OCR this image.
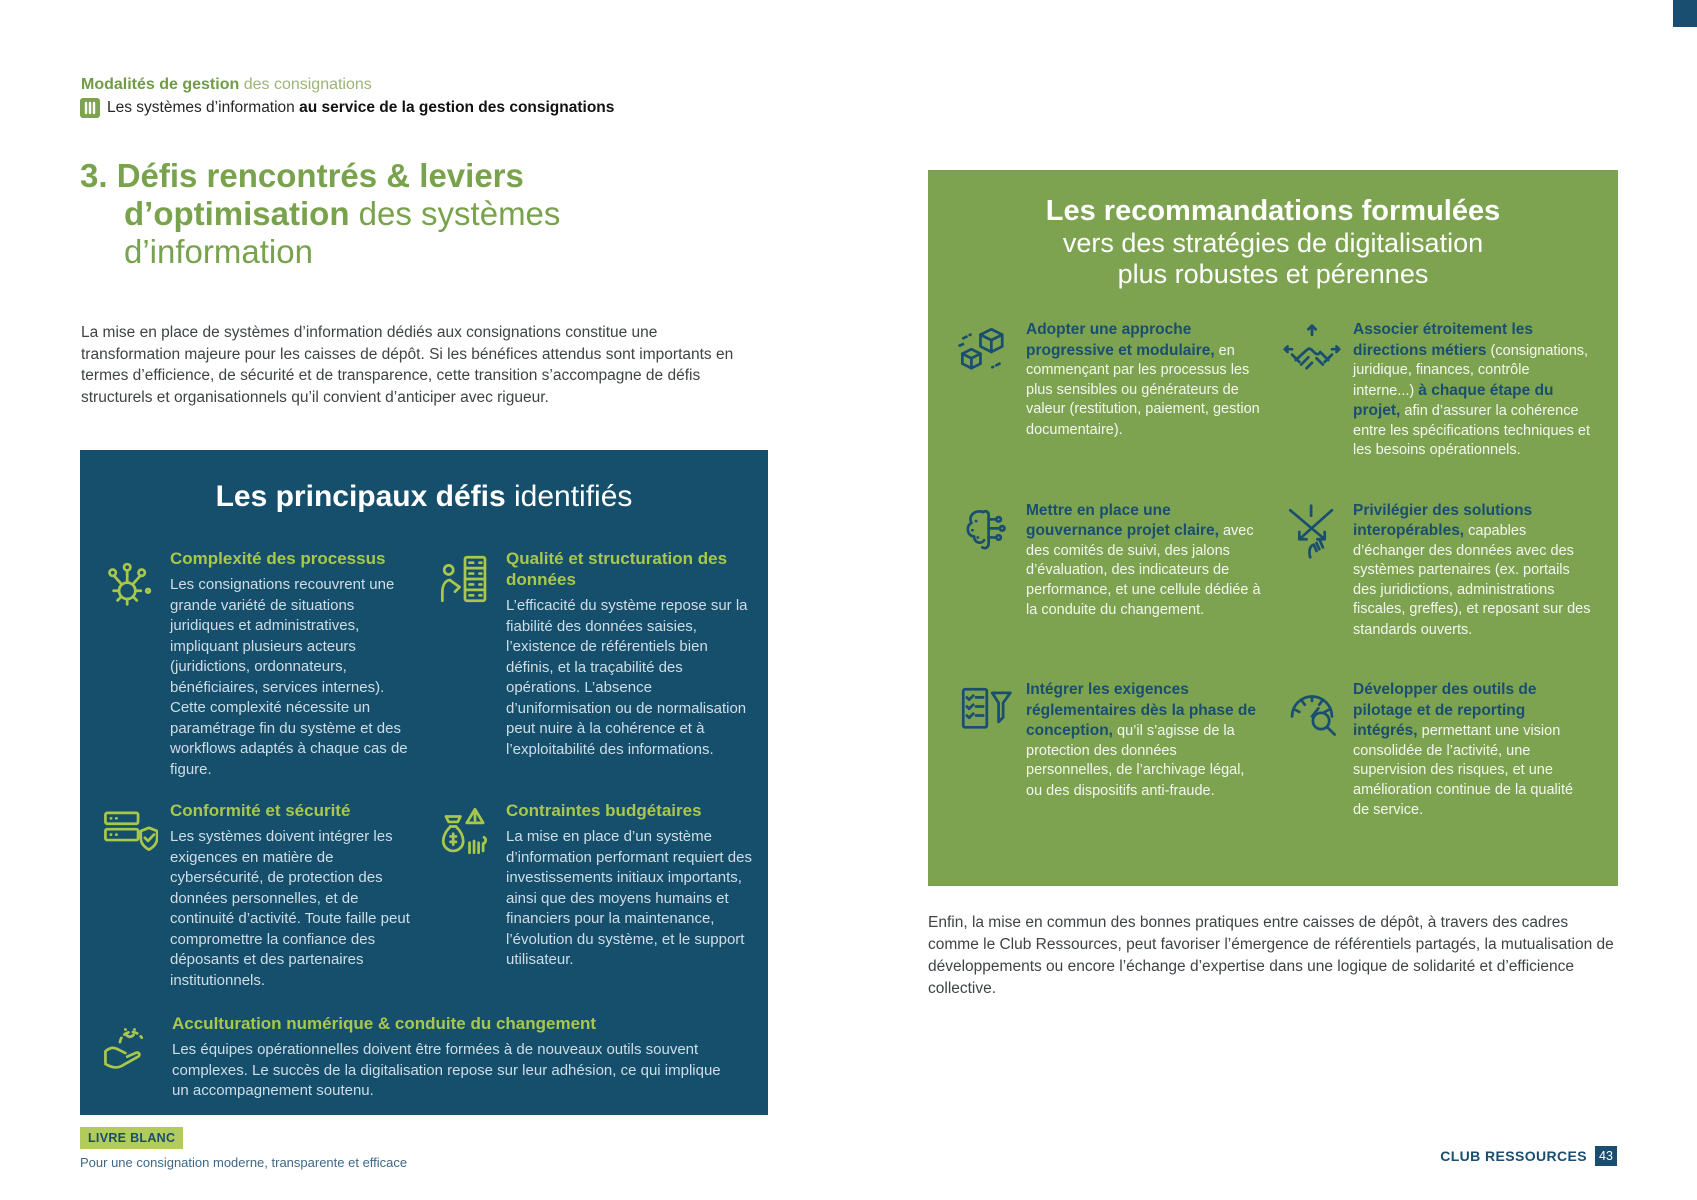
Modalités de gestion des consignations
Les systèmes d’information au service de la gestion des consignations
3. Défis rencontrés & leviers
d’optimisation des systèmes
d’information

La mise en place de systèmes d’information dédiés aux consignations constitue une transformation majeure pour les caisses de dépôt. Si les bénéfices attendus sont importants en termes d’efficience, de sécurité et de transparence, cette transition s’accompagne de défis structurels et organisationnels qu’il convient d’anticiper avec rigueur.

Les principaux défis identifiés
Complexité des processus
Les consignations recouvrent une grande variété de situations juridiques et administratives, impliquant plusieurs acteurs (juridictions, ordonnateurs, bénéficiaires, services internes). Cette complexité nécessite un paramétrage fin du système et des workflows adaptés à chaque cas de figure.
Qualité et structuration des données
L’efficacité du système repose sur la fiabilité des données saisies, l’existence de référentiels bien définis, et la traçabilité des opérations. L’absence d’uniformisation ou de normalisation peut nuire à la cohérence et à l’exploitabilité des informations.
Conformité et sécurité
Les systèmes doivent intégrer les exigences en matière de cybersécurité, de protection des données personnelles, et de continuité d’activité. Toute faille peut compromettre la confiance des déposants et des partenaires institutionnels.
Contraintes budgétaires
La mise en place d’un système d’information performant requiert des investissements initiaux importants, ainsi que des moyens humains et financiers pour la maintenance, l’évolution du système, et le support utilisateur.
Acculturation numérique & conduite du changement
Les équipes opérationnelles doivent être formées à de nouveaux outils souvent complexes. Le succès de la digitalisation repose sur leur adhésion, ce qui implique un accompagnement soutenu.
Les recommandations formulées
vers des stratégies de digitalisation
plus robustes et pérennes

Adopter une approche progressive et modulaire, en commençant par les processus les plus sensibles ou générateurs de valeur (restitution, paiement, gestion documentaire).

Associer étroitement les directions métiers (consignations, juridique, finances, contrôle interne...) à chaque étape du projet, afin d’assurer la cohérence entre les spécifications techniques et les besoins opérationnels.

Mettre en place une gouvernance projet claire, avec des comités de suivi, des jalons d’évaluation, des indicateurs de performance, et une cellule dédiée à la conduite du changement.

Privilégier des solutions interopérables, capables d’échanger des données avec des systèmes partenaires (ex. portails des juridictions, administrations fiscales, greffes), et reposant sur des standards ouverts.

Intégrer les exigences réglementaires dès la phase de conception, qu’il s’agisse de la protection des données personnelles, de l’archivage légal, ou des dispositifs anti-fraude.

Développer des outils de pilotage et de reporting intégrés, permettant une vision consolidée de l’activité, une supervision des risques, et une amélioration continue de la qualité de service.

Enfin, la mise en commun des bonnes pratiques entre caisses de dépôt, à travers des cadres comme le Club Ressources, peut favoriser l’émergence de référentiels partagés, la mutualisation de développements ou encore l’échange d’expertise dans une logique de solidarité et d’efficience collective.

LIVRE BLANC
Pour une consignation moderne, transparente et efficace	CLUB RESSOURCES 43
